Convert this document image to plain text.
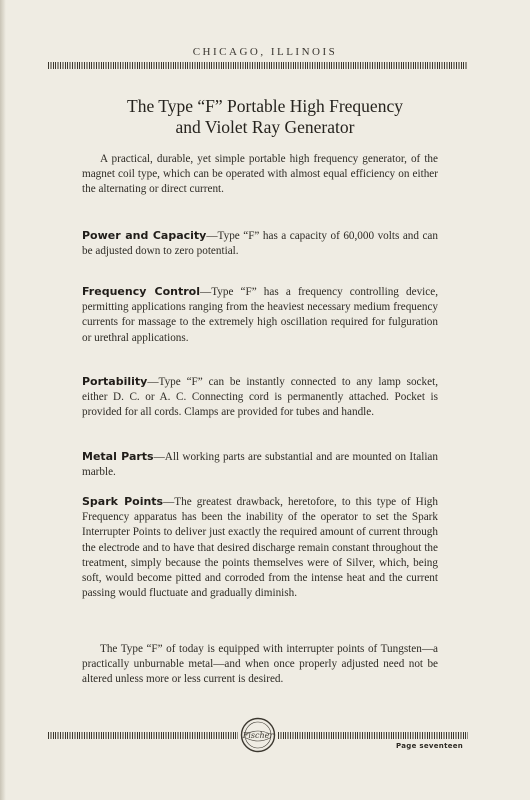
CHICAGO, ILLINOIS
The Type “F” Portable High Frequency
and Violet Ray Generator

A practical, durable, yet simple portable high frequency generator, of the magnet coil type, which can be operated with almost equal efficiency on either the alternating or direct current.

Power and Capacity—Type “F” has a capacity of 60,000 volts and can be adjusted down to zero potential.

Frequency Control—Type “F” has a frequency controlling device, permitting applications ranging from the heaviest necessary medium frequency currents for massage to the extremely high oscillation required for fulguration or urethral applications.

Portability—Type “F” can be instantly connected to any lamp socket, either D. C. or A. C. Connecting cord is permanently attached. Pocket is provided for all cords. Clamps are provided for tubes and handle.

Metal Parts—All working parts are substantial and are mounted on Italian marble.

Spark Points—The greatest drawback, heretofore, to this type of High Frequency apparatus has been the inability of the operator to set the Spark Interrupter Points to deliver just exactly the required amount of current through the electrode and to have that desired discharge remain constant throughout the treatment, simply because the points themselves were of Silver, which, being soft, would become pitted and corroded from the intense heat and the current passing would fluctuate and gradually diminish.

The Type “F” of today is equipped with interrupter points of Tungsten—a practically unburnable metal—and when once properly adjusted need not be altered unless more or less current is desired.

Fischer
Page seventeen
